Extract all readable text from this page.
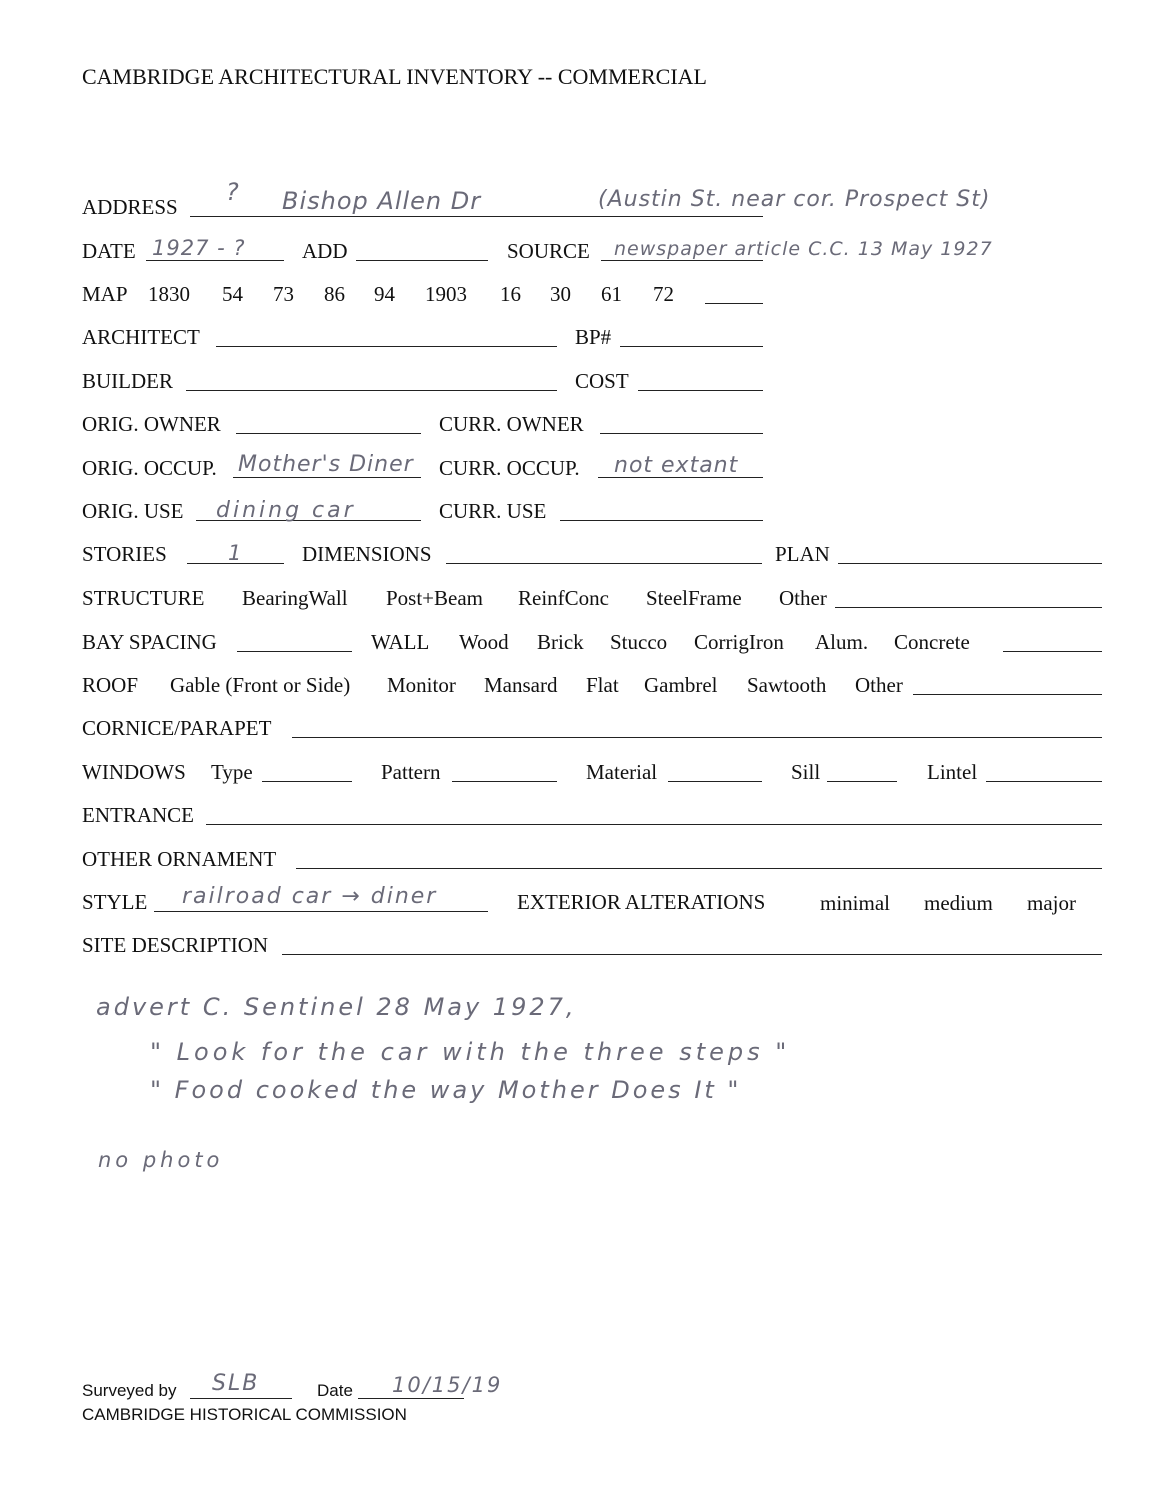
CAMBRIDGE ARCHITECTURAL INVENTORY -- COMMERCIAL
ADDRESS
? Bishop Allen Dr	(Austin St. near cor. Prospect St)
DATE 1927 - ?	ADD	SOURCE newspaper article C.C. 13 May 1927
MAP 1830 54 73 86 94 1903 16 30 61 72
ARCHITECT	BP#
BUILDER	COST
ORIG. OWNER	CURR. OWNER
ORIG. OCCUP. Mother's Diner CURR. OCCUP. not extant
ORIG. USE dining car	CURR. USE
STORIES	1	DIMENSIONS	PLAN
STRUCTURE BearingWall Post+Beam ReinfConc SteelFrame Other
BAY SPACING	WALL Wood Brick Stucco CorrigIron Alum. Concrete
ROOF Gable (Front or Side) Monitor Mansard Flat Gambrel Sawtooth Other
CORNICE/PARAPET
WINDOWS Type	Pattern	Material	Sill	Lintel
ENTRANCE
OTHER ORNAMENT
STYLE railroad car → diner	EXTERIOR ALTERATIONS	minimal medium major
SITE DESCRIPTION
advert C. Sentinel 28 May 1927,
" Look for the car with the three steps "
" Food cooked the way Mother Does It "
no photo
Surveyed by SLB	Date 10/15/19
CAMBRIDGE HISTORICAL COMMISSION
